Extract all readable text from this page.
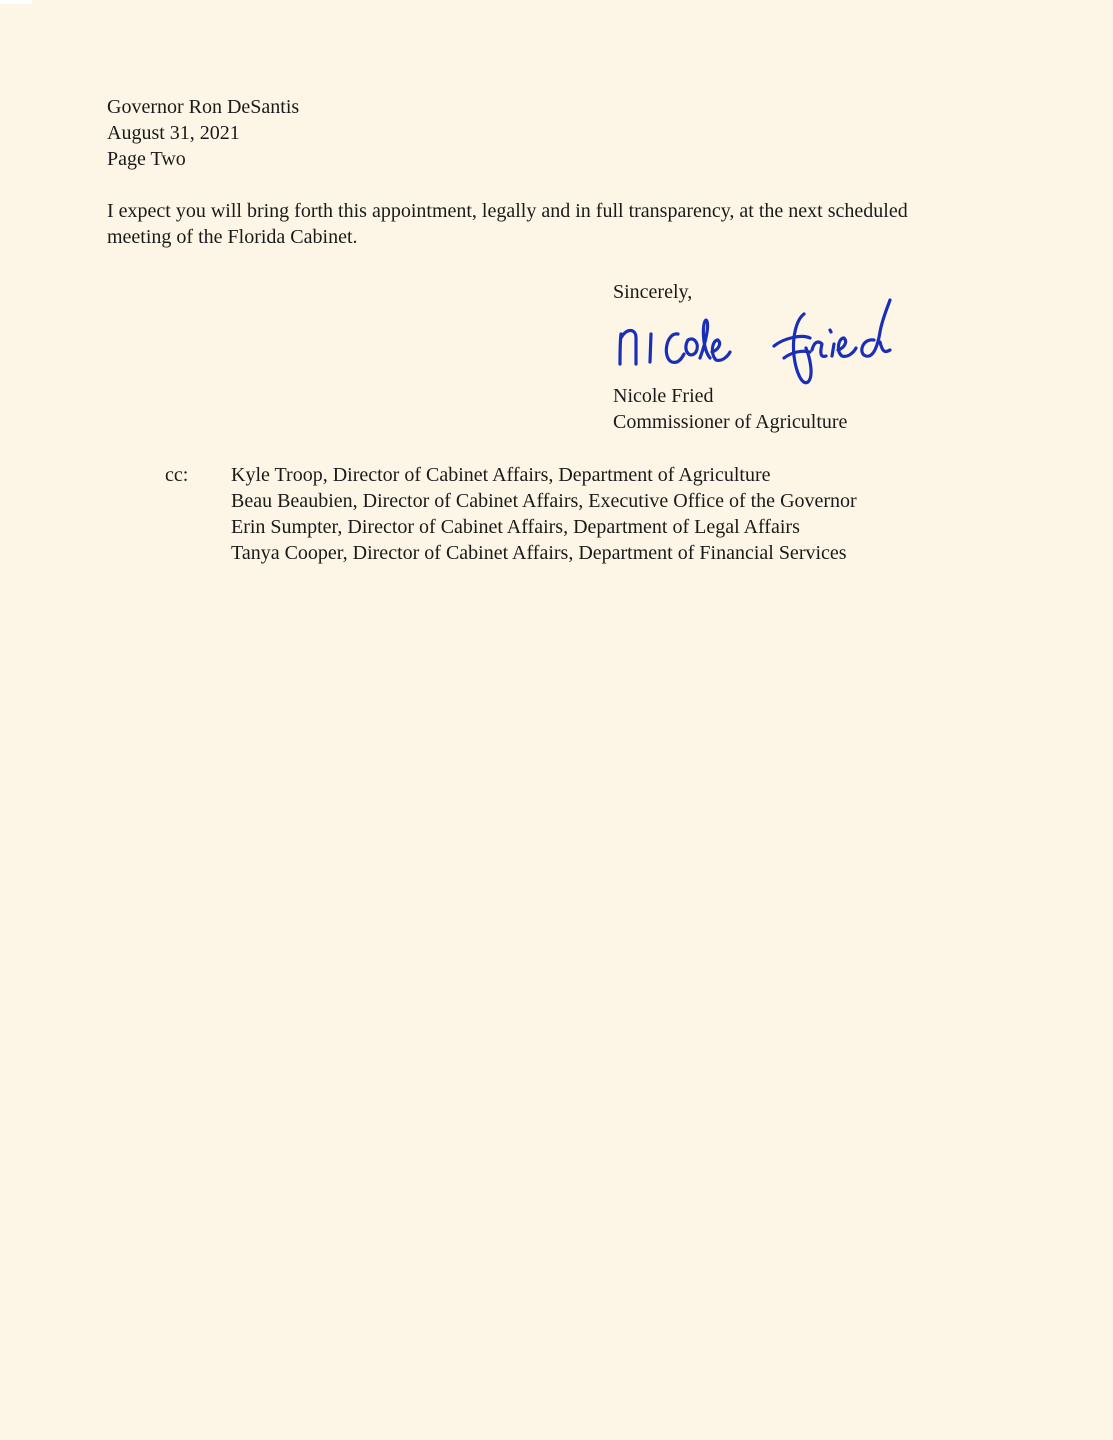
Governor Ron DeSantis
August 31, 2021
Page Two
I expect you will bring forth this appointment, legally and in full transparency, at the next scheduled
meeting of the Florida Cabinet.
Sincerely,
Nicole Fried
Commissioner of Agriculture
cc: Kyle Troop, Director of Cabinet Affairs, Department of Agriculture
Beau Beaubien, Director of Cabinet Affairs, Executive Office of the Governor
Erin Sumpter, Director of Cabinet Affairs, Department of Legal Affairs
Tanya Cooper, Director of Cabinet Affairs, Department of Financial Services
